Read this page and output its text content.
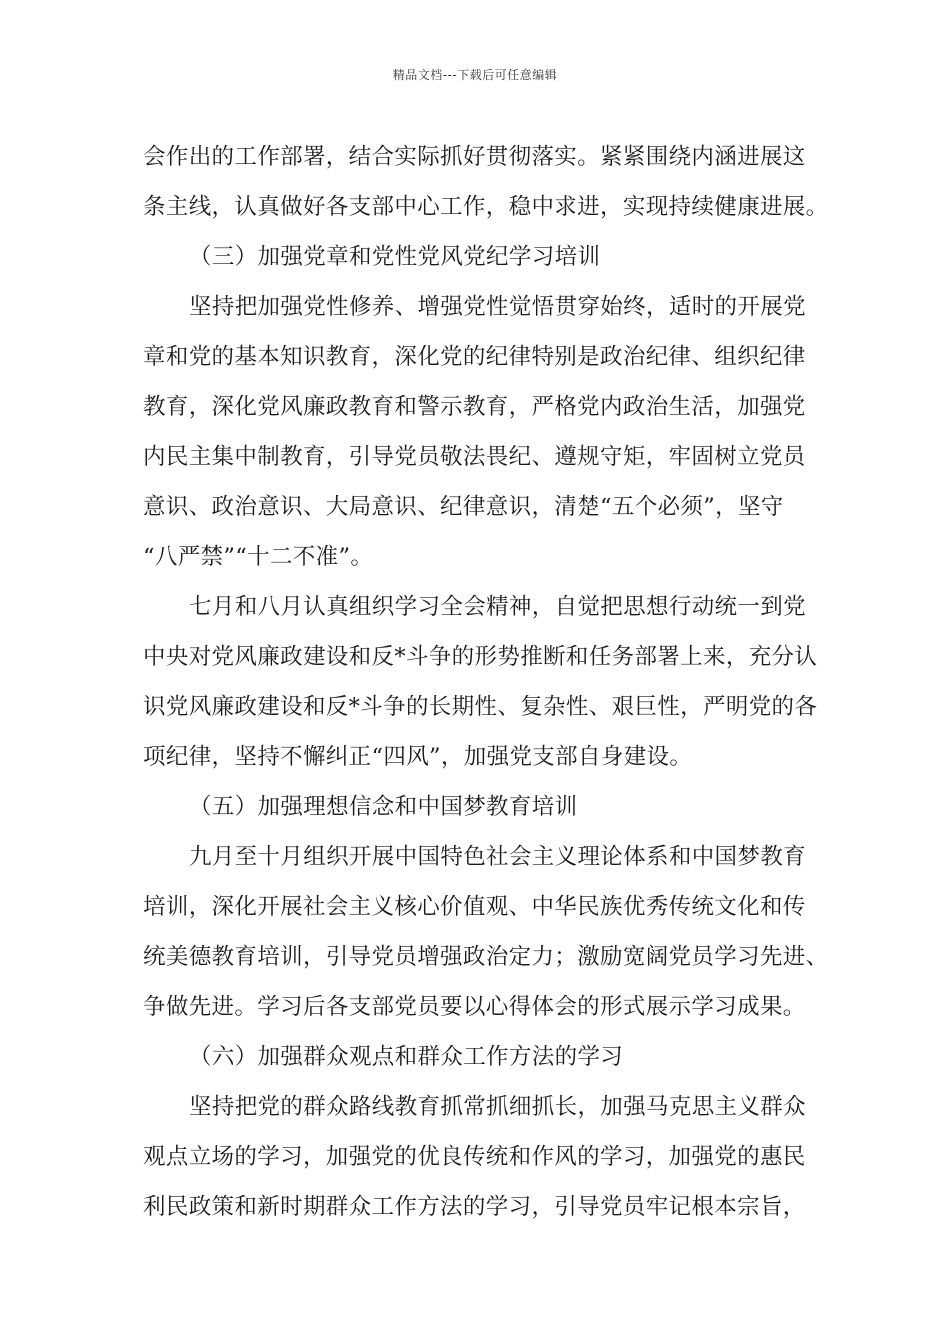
精品文档---下载后可任意编辑
会作出的工作部署，结合实际抓好贯彻落实。紧紧围绕内涵进展这
条主线，认真做好各支部中心工作，稳中求进，实现持续健康进展。
（三）加强党章和党性党风党纪学习培训
坚持把加强党性修养、增强党性觉悟贯穿始终，适时的开展党
章和党的基本知识教育，深化党的纪律特别是政治纪律、组织纪律
教育，深化党风廉政教育和警示教育，严格党内政治生活，加强党
内民主集中制教育，引导党员敬法畏纪、遵规守矩，牢固树立党员
意识、政治意识、大局意识、纪律意识，清楚“五个必须”，坚守
“八严禁”“十二不准”。
七月和八月认真组织学习全会精神，自觉把思想行动统一到党
中央对党风廉政建设和反*斗争的形势推断和任务部署上来，充分认
识党风廉政建设和反*斗争的长期性、复杂性、艰巨性，严明党的各
项纪律，坚持不懈纠正“四风”，加强党支部自身建设。
（五）加强理想信念和中国梦教育培训
九月至十月组织开展中国特色社会主义理论体系和中国梦教育
培训，深化开展社会主义核心价值观、中华民族优秀传统文化和传
统美德教育培训，引导党员增强政治定力；激励宽阔党员学习先进、
争做先进。学习后各支部党员要以心得体会的形式展示学习成果。
（六）加强群众观点和群众工作方法的学习
坚持把党的群众路线教育抓常抓细抓长，加强马克思主义群众
观点立场的学习，加强党的优良传统和作风的学习，加强党的惠民
利民政策和新时期群众工作方法的学习，引导党员牢记根本宗旨，
